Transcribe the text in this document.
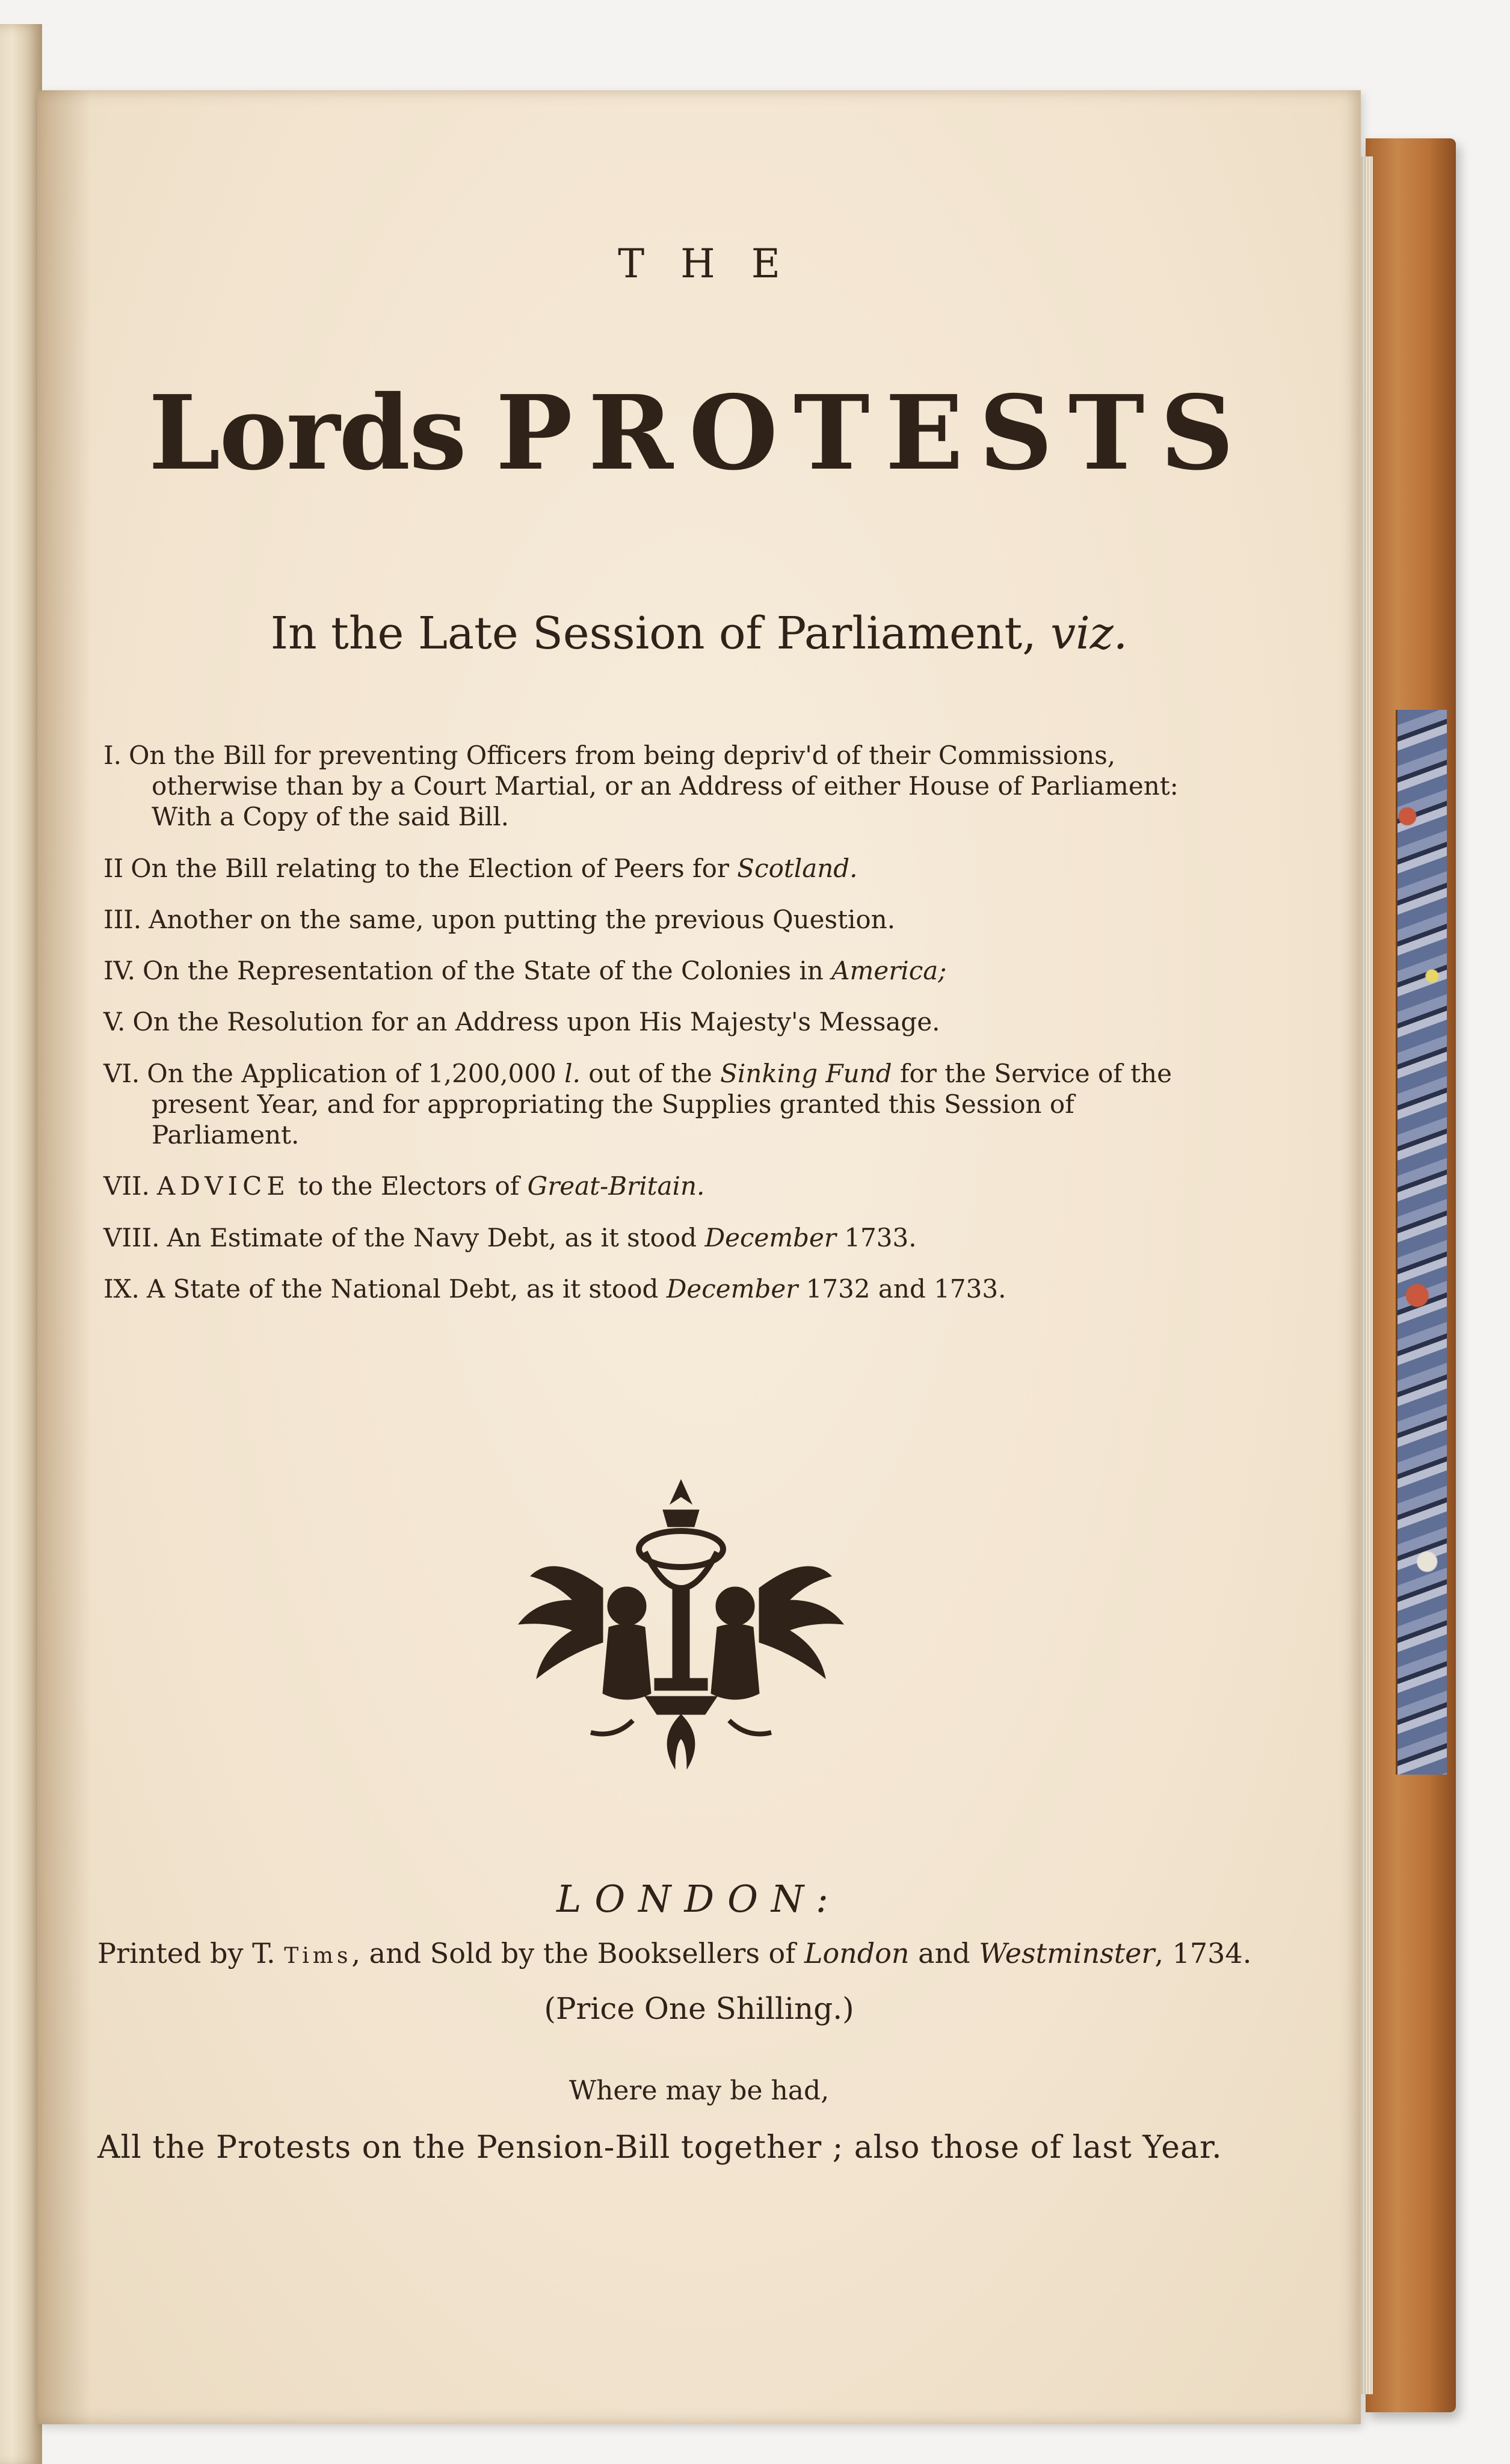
THE
Lords PROTESTS
In the Late Session of Parliament, viz.
I. On the Bill for preventing Officers from being depriv'd of their Commissions, otherwise than by a Court Martial, or an Address of either House of Parliament: With a Copy of the said Bill.
II On the Bill relating to the Election of Peers for Scotland.
III. Another on the same, upon putting the previous Question.
IV. On the Representation of the State of the Colonies in America;
V. On the Resolution for an Address upon His Majesty's Message.
VI. On the Application of 1,200,000 l. out of the Sinking Fund for the Service of the present Year, and for appropriating the Supplies granted this Session of Parliament.
VII. ADVICE to the Electors of Great-Britain.
VIII. An Estimate of the Navy Debt, as it stood December 1733.
IX. A State of the National Debt, as it stood December 1732 and 1733.
LONDON:
Printed by T. Tims, and Sold by the Booksellers of London and Westminster, 1734.
(Price One Shilling.)
Where may be had,
All the Protests on the Pension-Bill together ; also those of last Year.
